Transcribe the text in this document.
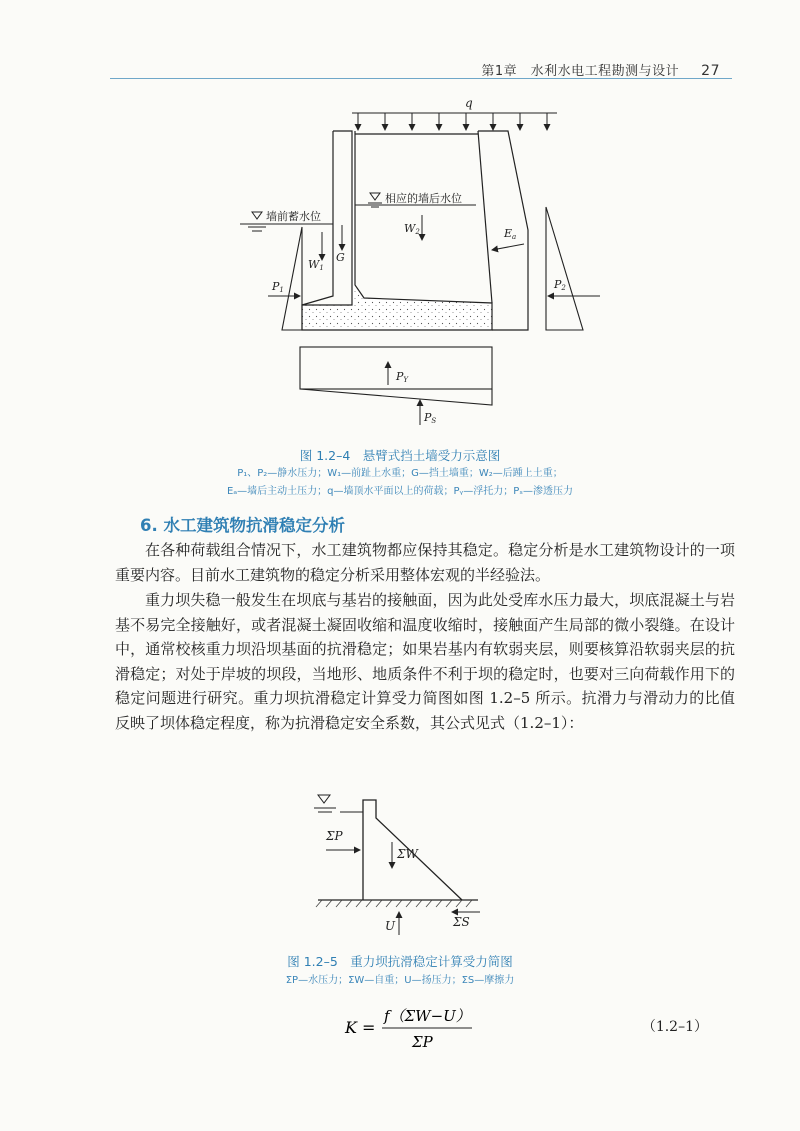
第1章　水利水电工程勘测与设计 27
q
相应的墙后水位
墙前蓄水位
P1
W1
G
W2	Ea
P2
PY
PS
图 1.2–4　悬臂式挡土墙受力示意图
P₁、P₂—静水压力；W₁—前趾上水重；G—挡土墙重；W₂—后踵上土重；
Eₐ—墙后主动土压力；q—墙顶水平面以上的荷载；Pᵧ—浮托力；Pₛ—渗透压力
6. 水工建筑物抗滑稳定分析

在各种荷载组合情况下，水工建筑物都应保持其稳定。稳定分析是水工建筑物设计的一项重要内容。目前水工建筑物的稳定分析采用整体宏观的半经验法。

重力坝失稳一般发生在坝底与基岩的接触面，因为此处受库水压力最大，坝底混凝土与岩基不易完全接触好，或者混凝土凝固收缩和温度收缩时，接触面产生局部的微小裂缝。在设计中，通常校核重力坝沿坝基面的抗滑稳定；如果岩基内有软弱夹层，则要核算沿软弱夹层的抗滑稳定；对处于岸坡的坝段，当地形、地质条件不利于坝的稳定时，也要对三向荷载作用下的稳定问题进行研究。重力坝抗滑稳定计算受力简图如图 1.2–5 所示。抗滑力与滑动力的比值反映了坝体稳定程度，称为抗滑稳定安全系数，其公式见式（1.2–1）：

ΣP
ΣW
U	ΣS
图 1.2–5　重力坝抗滑稳定计算受力简图
ΣP—水压力；ΣW—自重；U—扬压力；ΣS—摩擦力
K =
f（ΣW−U）
ΣP
（1.2–1）
